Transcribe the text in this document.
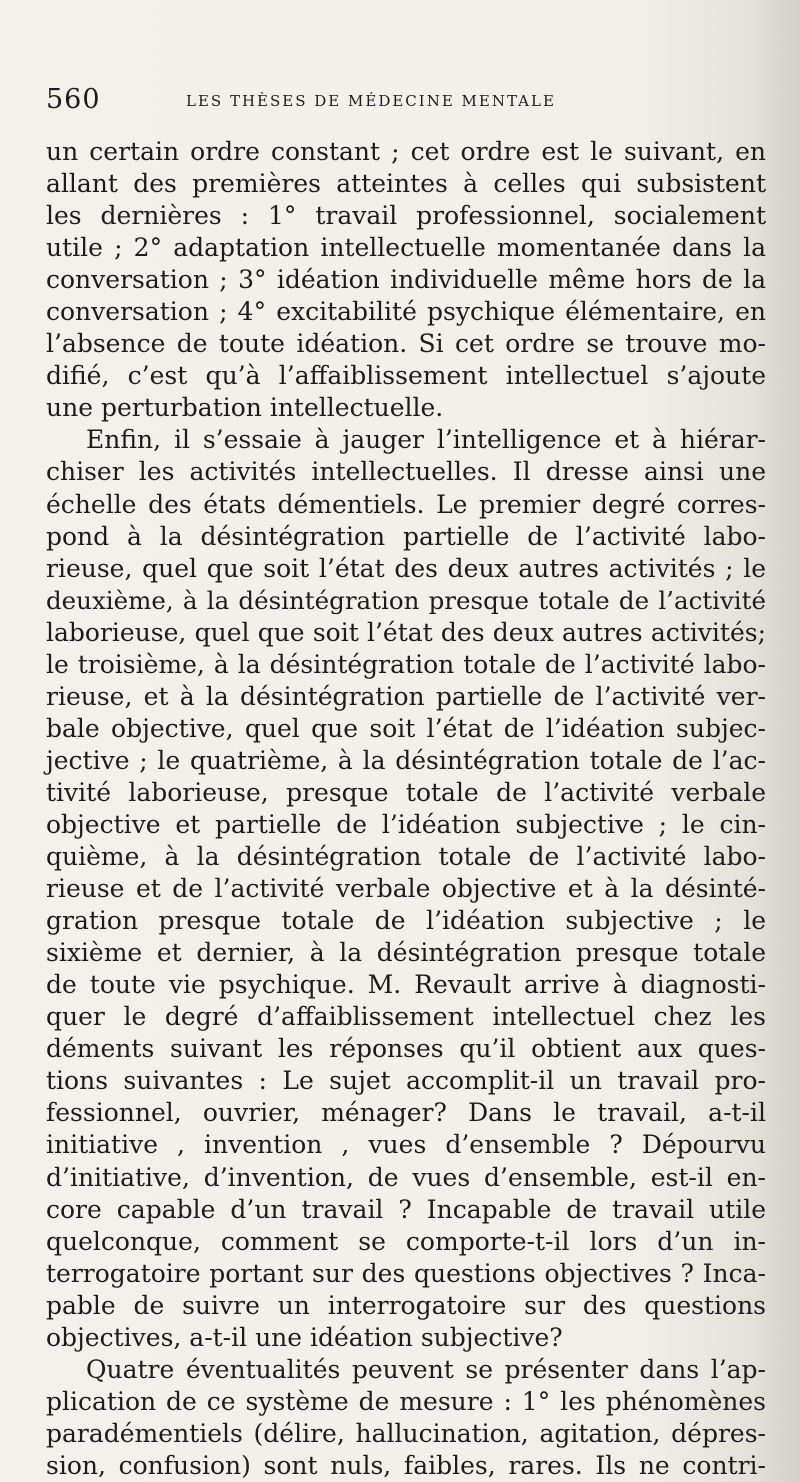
560	LES THÈSES DE MÉDECINE MENTALE
un certain ordre constant ; cet ordre est le suivant, en
allant des premières atteintes à celles qui subsistent
les dernières : 1° travail professionnel, socialement
utile ; 2° adaptation intellectuelle momentanée dans la
conversation ; 3° idéation individuelle même hors de la
conversation ; 4° excitabilité psychique élémentaire, en
l’absence de toute idéation. Si cet ordre se trouve mo-
difié, c’est qu’à l’affaiblissement intellectuel s’ajoute
une perturbation intellectuelle.
Enfin, il s’essaie à jauger l’intelligence et à hiérar-
chiser les activités intellectuelles. Il dresse ainsi une
échelle des états démentiels. Le premier degré corres-
pond à la désintégration partielle de l’activité labo-
rieuse, quel que soit l’état des deux autres activités ; le
deuxième, à la désintégration presque totale de l’activité
laborieuse, quel que soit l’état des deux autres activités;
le troisième, à la désintégration totale de l’activité labo-
rieuse, et à la désintégration partielle de l’activité ver-
bale objective, quel que soit l’état de l’idéation subjec-
jective ; le quatrième, à la désintégration totale de l’ac-
tivité laborieuse, presque totale de l’activité verbale
objective et partielle de l’idéation subjective ; le cin-
quième, à la désintégration totale de l’activité labo-
rieuse et de l’activité verbale objective et à la désinté-
gration presque totale de l’idéation subjective ; le
sixième et dernier, à la désintégration presque totale
de toute vie psychique. M. Revault arrive à diagnosti-
quer le degré d’affaiblissement intellectuel chez les
déments suivant les réponses qu’il obtient aux ques-
tions suivantes : Le sujet accomplit-il un travail pro-
fessionnel, ouvrier, ménager? Dans le travail, a-t-il
initiative , invention , vues d’ensemble ? Dépourvu
d’initiative, d’invention, de vues d’ensemble, est-il en-
core capable d’un travail ? Incapable de travail utile
quelconque, comment se comporte-t-il lors d’un in-
terrogatoire portant sur des questions objectives ? Inca-
pable de suivre un interrogatoire sur des questions
objectives, a-t-il une idéation subjective?
Quatre éventualités peuvent se présenter dans l’ap-
plication de ce système de mesure : 1° les phénomènes
paradémentiels (délire, hallucination, agitation, dépres-
sion, confusion) sont nuls, faibles, rares. Ils ne contri-
